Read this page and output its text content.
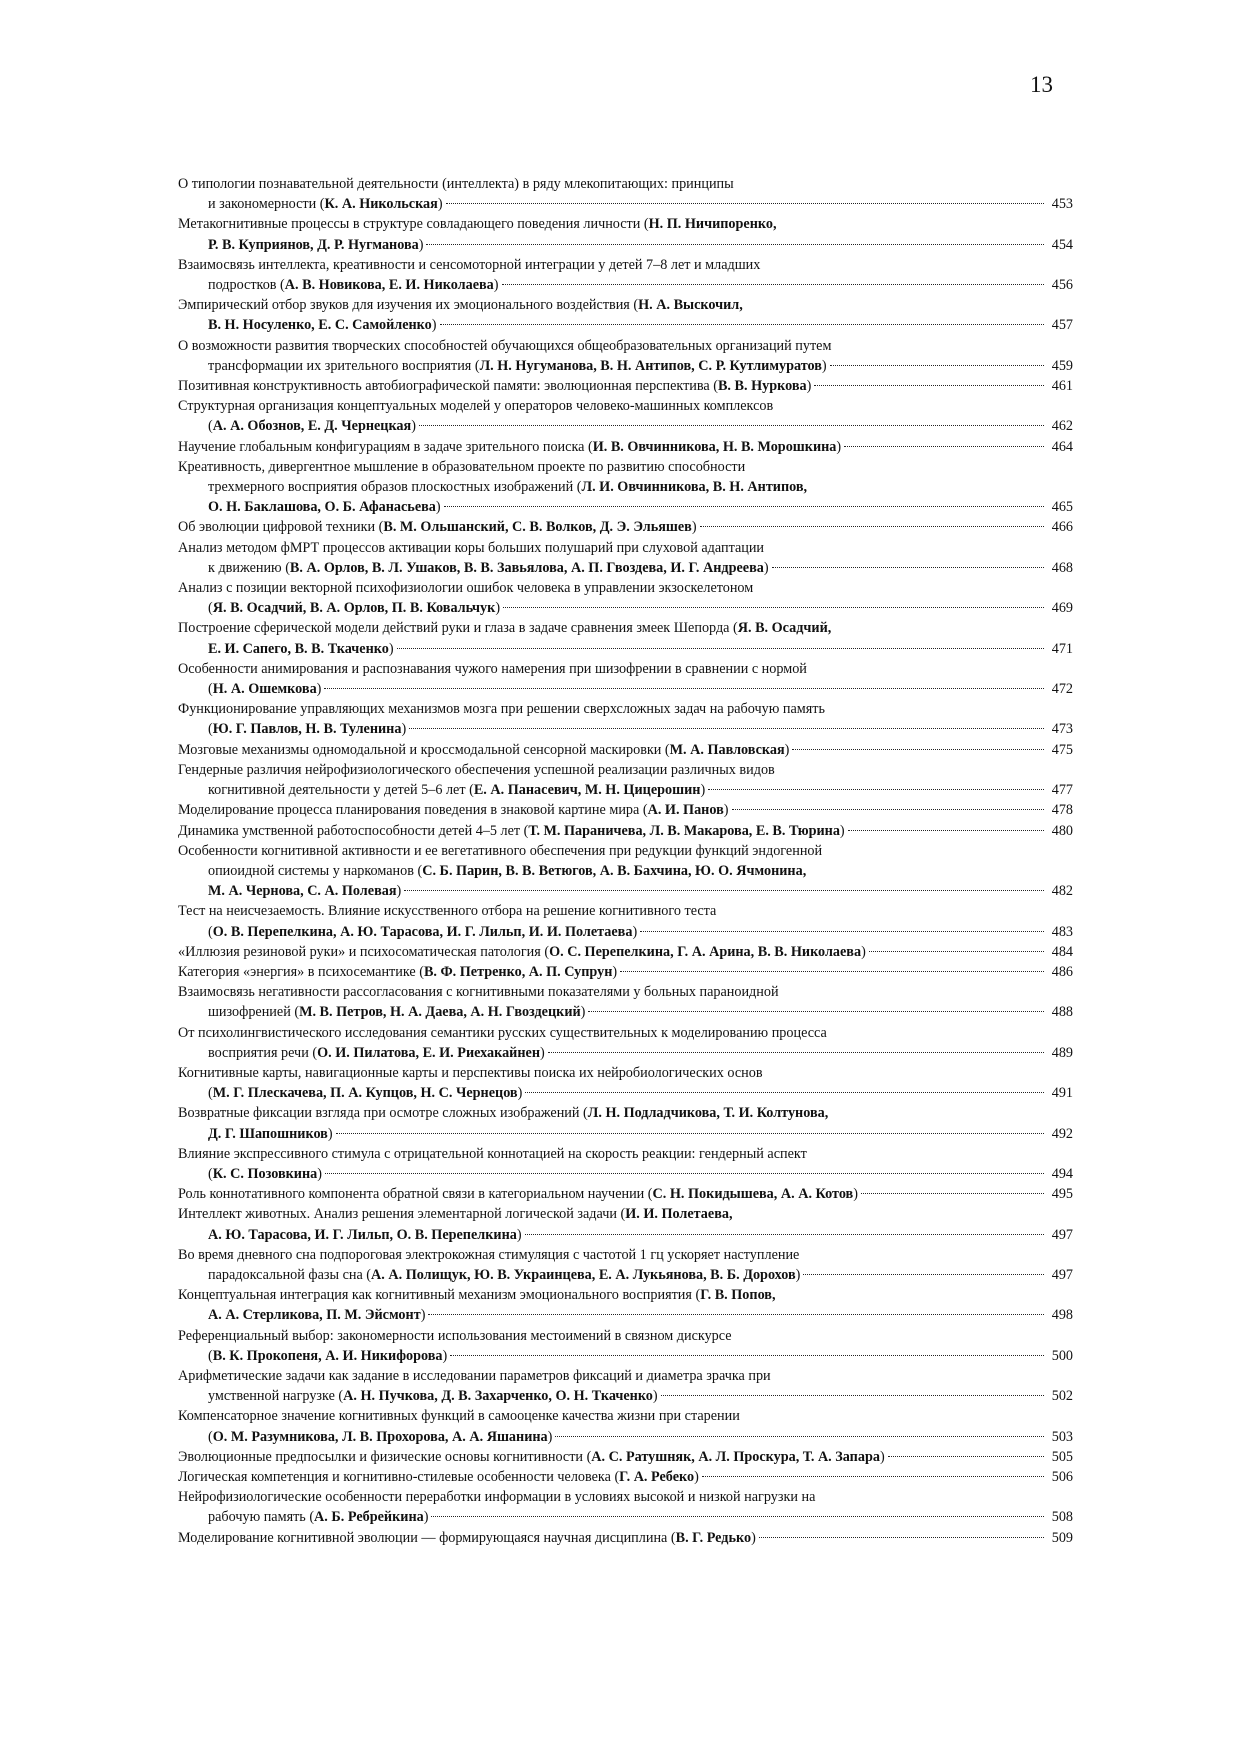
13
О типологии познавательной деятельности (интеллекта) в ряду млекопитающих: принципы
и закономерности (К. А. Никольская)	453
Метакогнитивные процессы в структуре совладающего поведения личности (Н. П. Ничипоренко,
Р. В. Куприянов, Д. Р. Нугманова)	454
Взаимосвязь интеллекта, креативности и сенсомоторной интеграции у детей 7–8 лет и младших
подростков (А. В. Новикова, Е. И. Николаева)	456
Эмпирический отбор звуков для изучения их эмоционального воздействия (Н. А. Выскочил,
В. Н. Носуленко, Е. С. Самойленко)	457
О возможности развития творческих способностей обучающихся общеобразовательных организаций путем
трансформации их зрительного восприятия (Л. Н. Нугуманова, В. Н. Антипов, С. Р. Кутлимуратов)	459
Позитивная конструктивность автобиографической памяти: эволюционная перспектива (В. В. Нуркова)	461
Структурная организация концептуальных моделей у операторов человеко-машинных комплексов
(А. А. Обознов, Е. Д. Чернецкая)	462
Научение глобальным конфигурациям в задаче зрительного поиска (И. В. Овчинникова, Н. В. Морошкина)	464
Креативность, дивергентное мышление в образовательном проекте по развитию способности
трехмерного восприятия образов плоскостных изображений (Л. И. Овчинникова, В. Н. Антипов,
О. Н. Баклашова, О. Б. Афанасьева)	465
Об эволюции цифровой техники (В. М. Ольшанский, С. В. Волков, Д. Э. Эльяшев)	466
Анализ методом фМРТ процессов активации коры больших полушарий при слуховой адаптации
к движению (В. А. Орлов, В. Л. Ушаков, В. В. Завьялова, А. П. Гвоздева, И. Г. Андреева)	468
Анализ с позиции векторной психофизиологии ошибок человека в управлении экзоскелетоном
(Я. В. Осадчий, В. А. Орлов, П. В. Ковальчук)	469
Построение сферической модели действий руки и глаза в задаче сравнения змеек Шепорда (Я. В. Осадчий,
Е. И. Сапего, В. В. Ткаченко)	471
Особенности анимирования и распознавания чужого намерения при шизофрении в сравнении с нормой
(Н. А. Ошемкова)	472
Функционирование управляющих механизмов мозга при решении сверхсложных задач на рабочую память
(Ю. Г. Павлов, Н. В. Туленина)	473
Мозговые механизмы одномодальной и кроссмодальной сенсорной маскировки (М. А. Павловская)	475
Гендерные различия нейрофизиологического обеспечения успешной реализации различных видов
когнитивной деятельности у детей 5–6 лет (Е. А. Панасевич, М. Н. Цицерошин)	477
Моделирование процесса планирования поведения в знаковой картине мира (А. И. Панов)	478
Динамика умственной работоспособности детей 4–5 лет (Т. М. Параничева, Л. В. Макарова, Е. В. Тюрина)	480
Особенности когнитивной активности и ее вегетативного обеспечения при редукции функций эндогенной
опиоидной системы у наркоманов (С. Б. Парин, В. В. Ветюгов, А. В. Бахчина, Ю. О. Ячмонина,
М. А. Чернова, С. А. Полевая)	482
Тест на неисчезаемость. Влияние искусственного отбора на решение когнитивного теста
(О. В. Перепелкина, А. Ю. Тарасова, И. Г. Лильп, И. И. Полетаева)	483
«Иллюзия резиновой руки» и психосоматическая патология (О. С. Перепелкина, Г. А. Арина, В. В. Николаева)	484
Категория «энергия» в психосемантике (В. Ф. Петренко, А. П. Супрун)	486
Взаимосвязь негативности рассогласования с когнитивными показателями у больных параноидной
шизофренией (М. В. Петров, Н. А. Даева, А. Н. Гвоздецкий)	488
От психолингвистического исследования семантики русских существительных к моделированию процесса
восприятия речи (О. И. Пилатова, Е. И. Риехакайнен)	489
Когнитивные карты, навигационные карты и перспективы поиска их нейробиологических основ
(М. Г. Плескачева, П. А. Купцов, Н. С. Чернецов)	491
Возвратные фиксации взгляда при осмотре сложных изображений (Л. Н. Подладчикова, Т. И. Колтунова,
Д. Г. Шапошников)	492
Влияние экспрессивного стимула с отрицательной коннотацией на скорость реакции: гендерный аспект
(К. С. Позовкина)	494
Роль коннотативного компонента обратной связи в категориальном научении (С. Н. Покидышева, А. А. Котов)	495
Интеллект животных. Анализ решения элементарной логической задачи (И. И. Полетаева,
А. Ю. Тарасова, И. Г. Лильп, О. В. Перепелкина)	497
Во время дневного сна подпороговая электрокожная стимуляция с частотой 1 гц ускоряет наступление
парадоксальной фазы сна (А. А. Полищук, Ю. В. Украинцева, Е. А. Лукьянова, В. Б. Дорохов)	497
Концептуальная интеграция как когнитивный механизм эмоционального восприятия (Г. В. Попов,
А. А. Стерликова, П. М. Эйсмонт)	498
Референциальный выбор: закономерности использования местоимений в связном дискурсе
(В. К. Прокопеня, А. И. Никифорова)	500
Арифметические задачи как задание в исследовании параметров фиксаций и диаметра зрачка при
умственной нагрузке (А. Н. Пучкова, Д. В. Захарченко, О. Н. Ткаченко)	502
Компенсаторное значение когнитивных функций в самооценке качества жизни при старении
(О. М. Разумникова, Л. В. Прохорова, А. А. Яшанина)	503
Эволюционные предпосылки и физические основы когнитивности (А. С. Ратушняк, А. Л. Проскура, Т. А. Запара)	505
Логическая компетенция и когнитивно-стилевые особенности человека (Г. А. Ребеко)	506
Нейрофизиологические особенности переработки информации в условиях высокой и низкой нагрузки на
рабочую память (А. Б. Ребрейкина)	508
Моделирование когнитивной эволюции — формирующаяся научная дисциплина (В. Г. Редько)	509
